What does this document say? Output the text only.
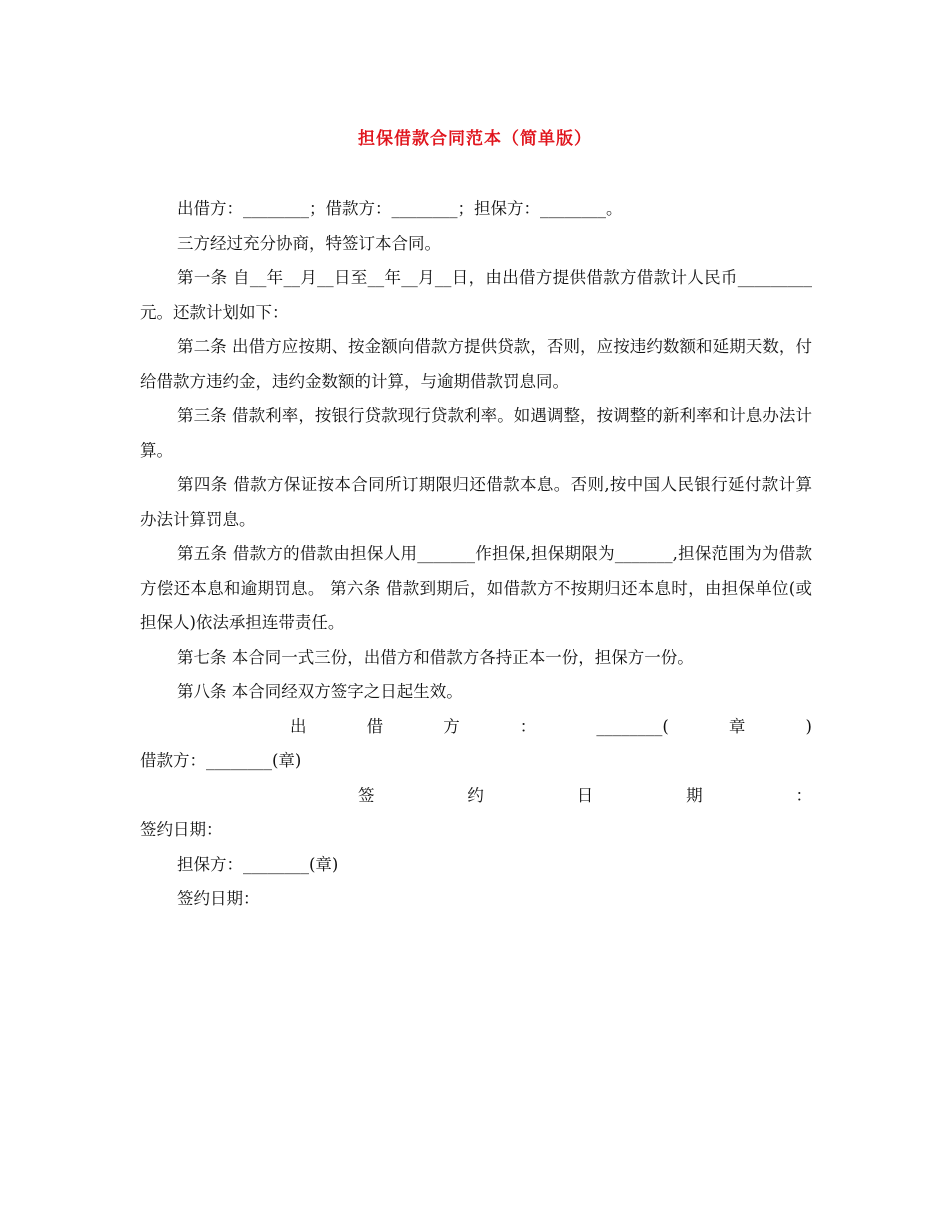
担保借款合同范本（简单版）

出借方：________；借款方：________；担保方：________。

三方经过充分协商，特签订本合同。

第一条 自__年__月__日至__年__月__日，由出借方提供借款方借款计人民币_________元。还款计划如下：

第二条 出借方应按期、按金额向借款方提供贷款，否则，应按违约数额和延期天数，付给借款方违约金，违约金数额的计算，与逾期借款罚息同。

第三条 借款利率，按银行贷款现行贷款利率。如遇调整，按调整的新利率和计息办法计算。

第四条 借款方保证按本合同所订期限归还借款本息。否则,按中国人民银行延付款计算办法计算罚息。

第五条 借款方的借款由担保人用_______作担保,担保期限为_______,担保范围为为借款方偿还本息和逾期罚息。 第六条 借款到期后，如借款方不按期归还本息时，由担保单位(或担保人)依法承担连带责任。

第七条 本合同一式三份，出借方和借款方各持正本一份，担保方一份。

第八条 本合同经双方签字之日起生效。

出	借	方	：	________(	章	)

借款方：________(章)

签	约	日	期	：

签约日期：

担保方：________(章)

签约日期：
